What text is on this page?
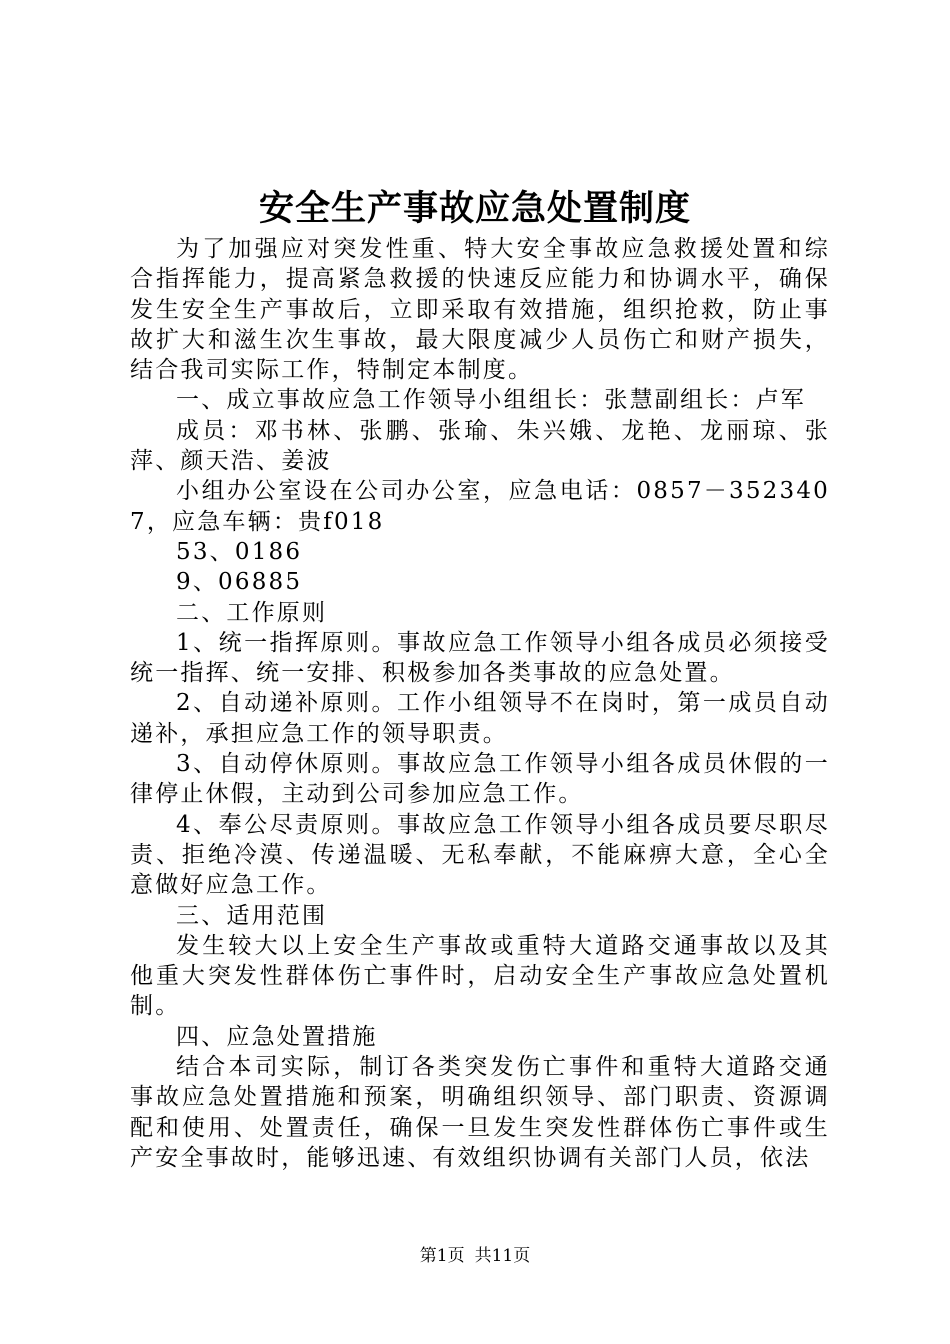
安全生产事故应急处置制度

为了加强应对突发性重、特大安全事故应急救援处置和综合指挥能力，提高紧急救援的快速反应能力和协调水平，确保发生安全生产事故后，立即采取有效措施，组织抢救，防止事故扩大和滋生次生事故，最大限度减少人员伤亡和财产损失，结合我司实际工作，特制定本制度。

一、成立事故应急工作领导小组组长：张慧副组长：卢军

成员：邓书林、张鹏、张瑜、朱兴娥、龙艳、龙丽琼、张萍、颜天浩、姜波

小组办公室设在公司办公室，应急电话：0857－3523407，应急车辆：贵f018

53、0186

9、06885

二、工作原则

1、统一指挥原则。事故应急工作领导小组各成员必须接受统一指挥、统一安排、积极参加各类事故的应急处置。

2、自动递补原则。工作小组领导不在岗时，第一成员自动递补，承担应急工作的领导职责。

3、自动停休原则。事故应急工作领导小组各成员休假的一律停止休假，主动到公司参加应急工作。

4、奉公尽责原则。事故应急工作领导小组各成员要尽职尽责、拒绝冷漠、传递温暖、无私奉献，不能麻痹大意，全心全意做好应急工作。

三、适用范围

发生较大以上安全生产事故或重特大道路交通事故以及其他重大突发性群体伤亡事件时，启动安全生产事故应急处置机制。

四、应急处置措施

结合本司实际，制订各类突发伤亡事件和重特大道路交通事故应急处置措施和预案，明确组织领导、部门职责、资源调配和使用、处置责任，确保一旦发生突发性群体伤亡事件或生产安全事故时，能够迅速、有效组织协调有关部门人员，依法

第1页 共11页
